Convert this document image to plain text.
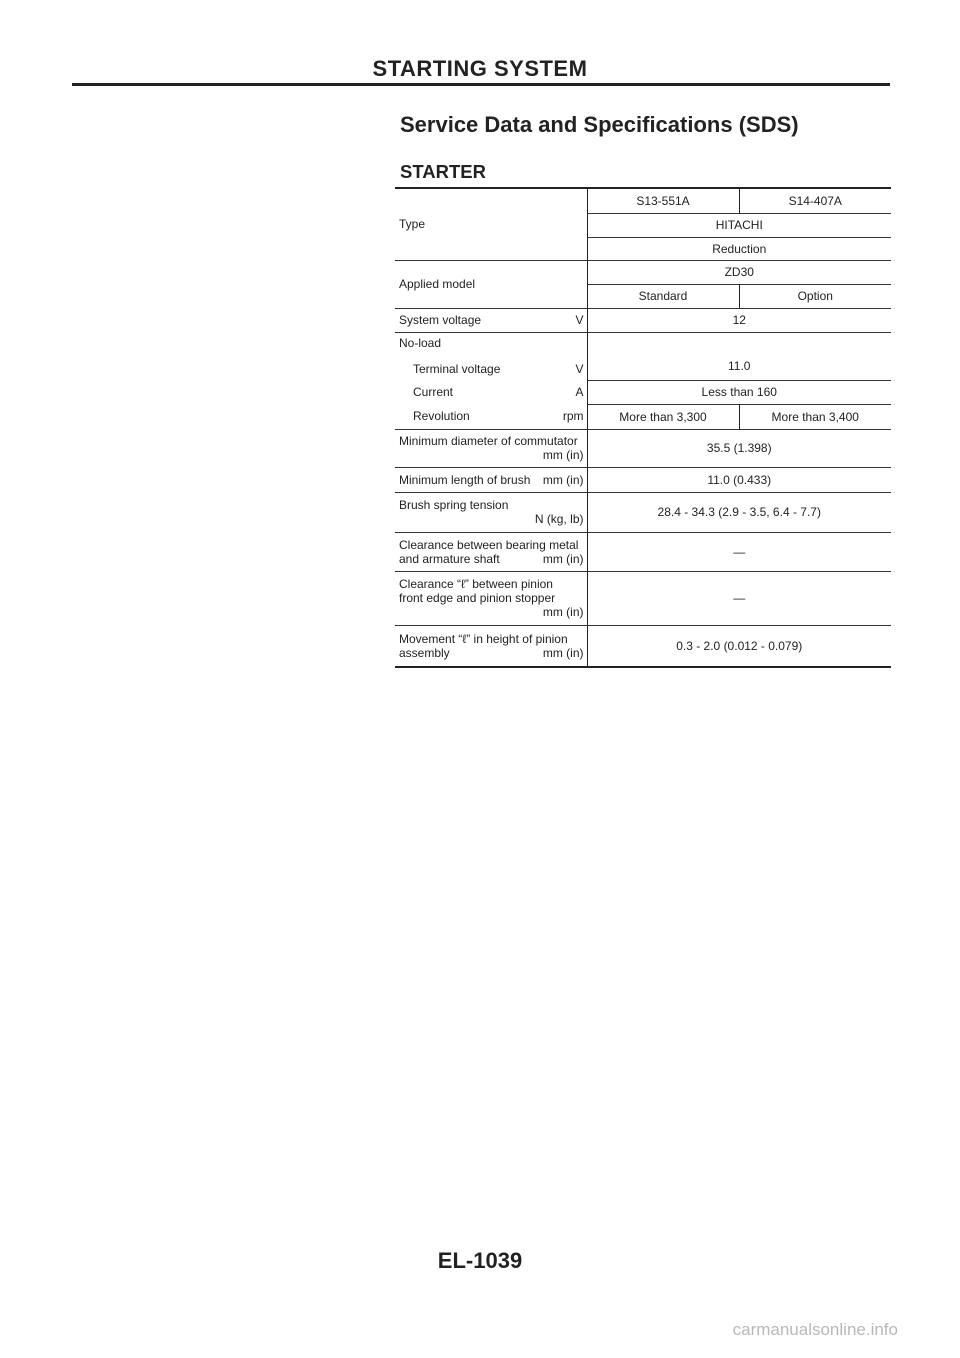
STARTING SYSTEM
Service Data and Specifications (SDS)
STARTER
Type	S13-551A	S14-407A
	HITACHI	
	Reduction	
Applied model	ZD30	
	Standard	Option

System voltage V	12	

No-load
Terminal voltage V	11.0	

Current A	Less than 160	

Revolution rpm	More than 3,300	More than 3,400

Minimum diameter of commutator
mm (in)	35.5 (1.398)	

Minimum length of brush mm (in)	11.0 (0.433)	

Brush spring tension
N (kg, lb)	28.4 - 34.3 (2.9 - 3.5, 6.4 - 7.7)	

Clearance between bearing metal
and armature shaft mm (in)	—	

Clearance “ℓ” between pinion
front edge and pinion stopper
mm (in)	—	

Movement “ℓ” in height of pinion
assembly mm (in)	0.3 - 2.0 (0.012 - 0.079)	
EL-1039
carmanualsonline.info
